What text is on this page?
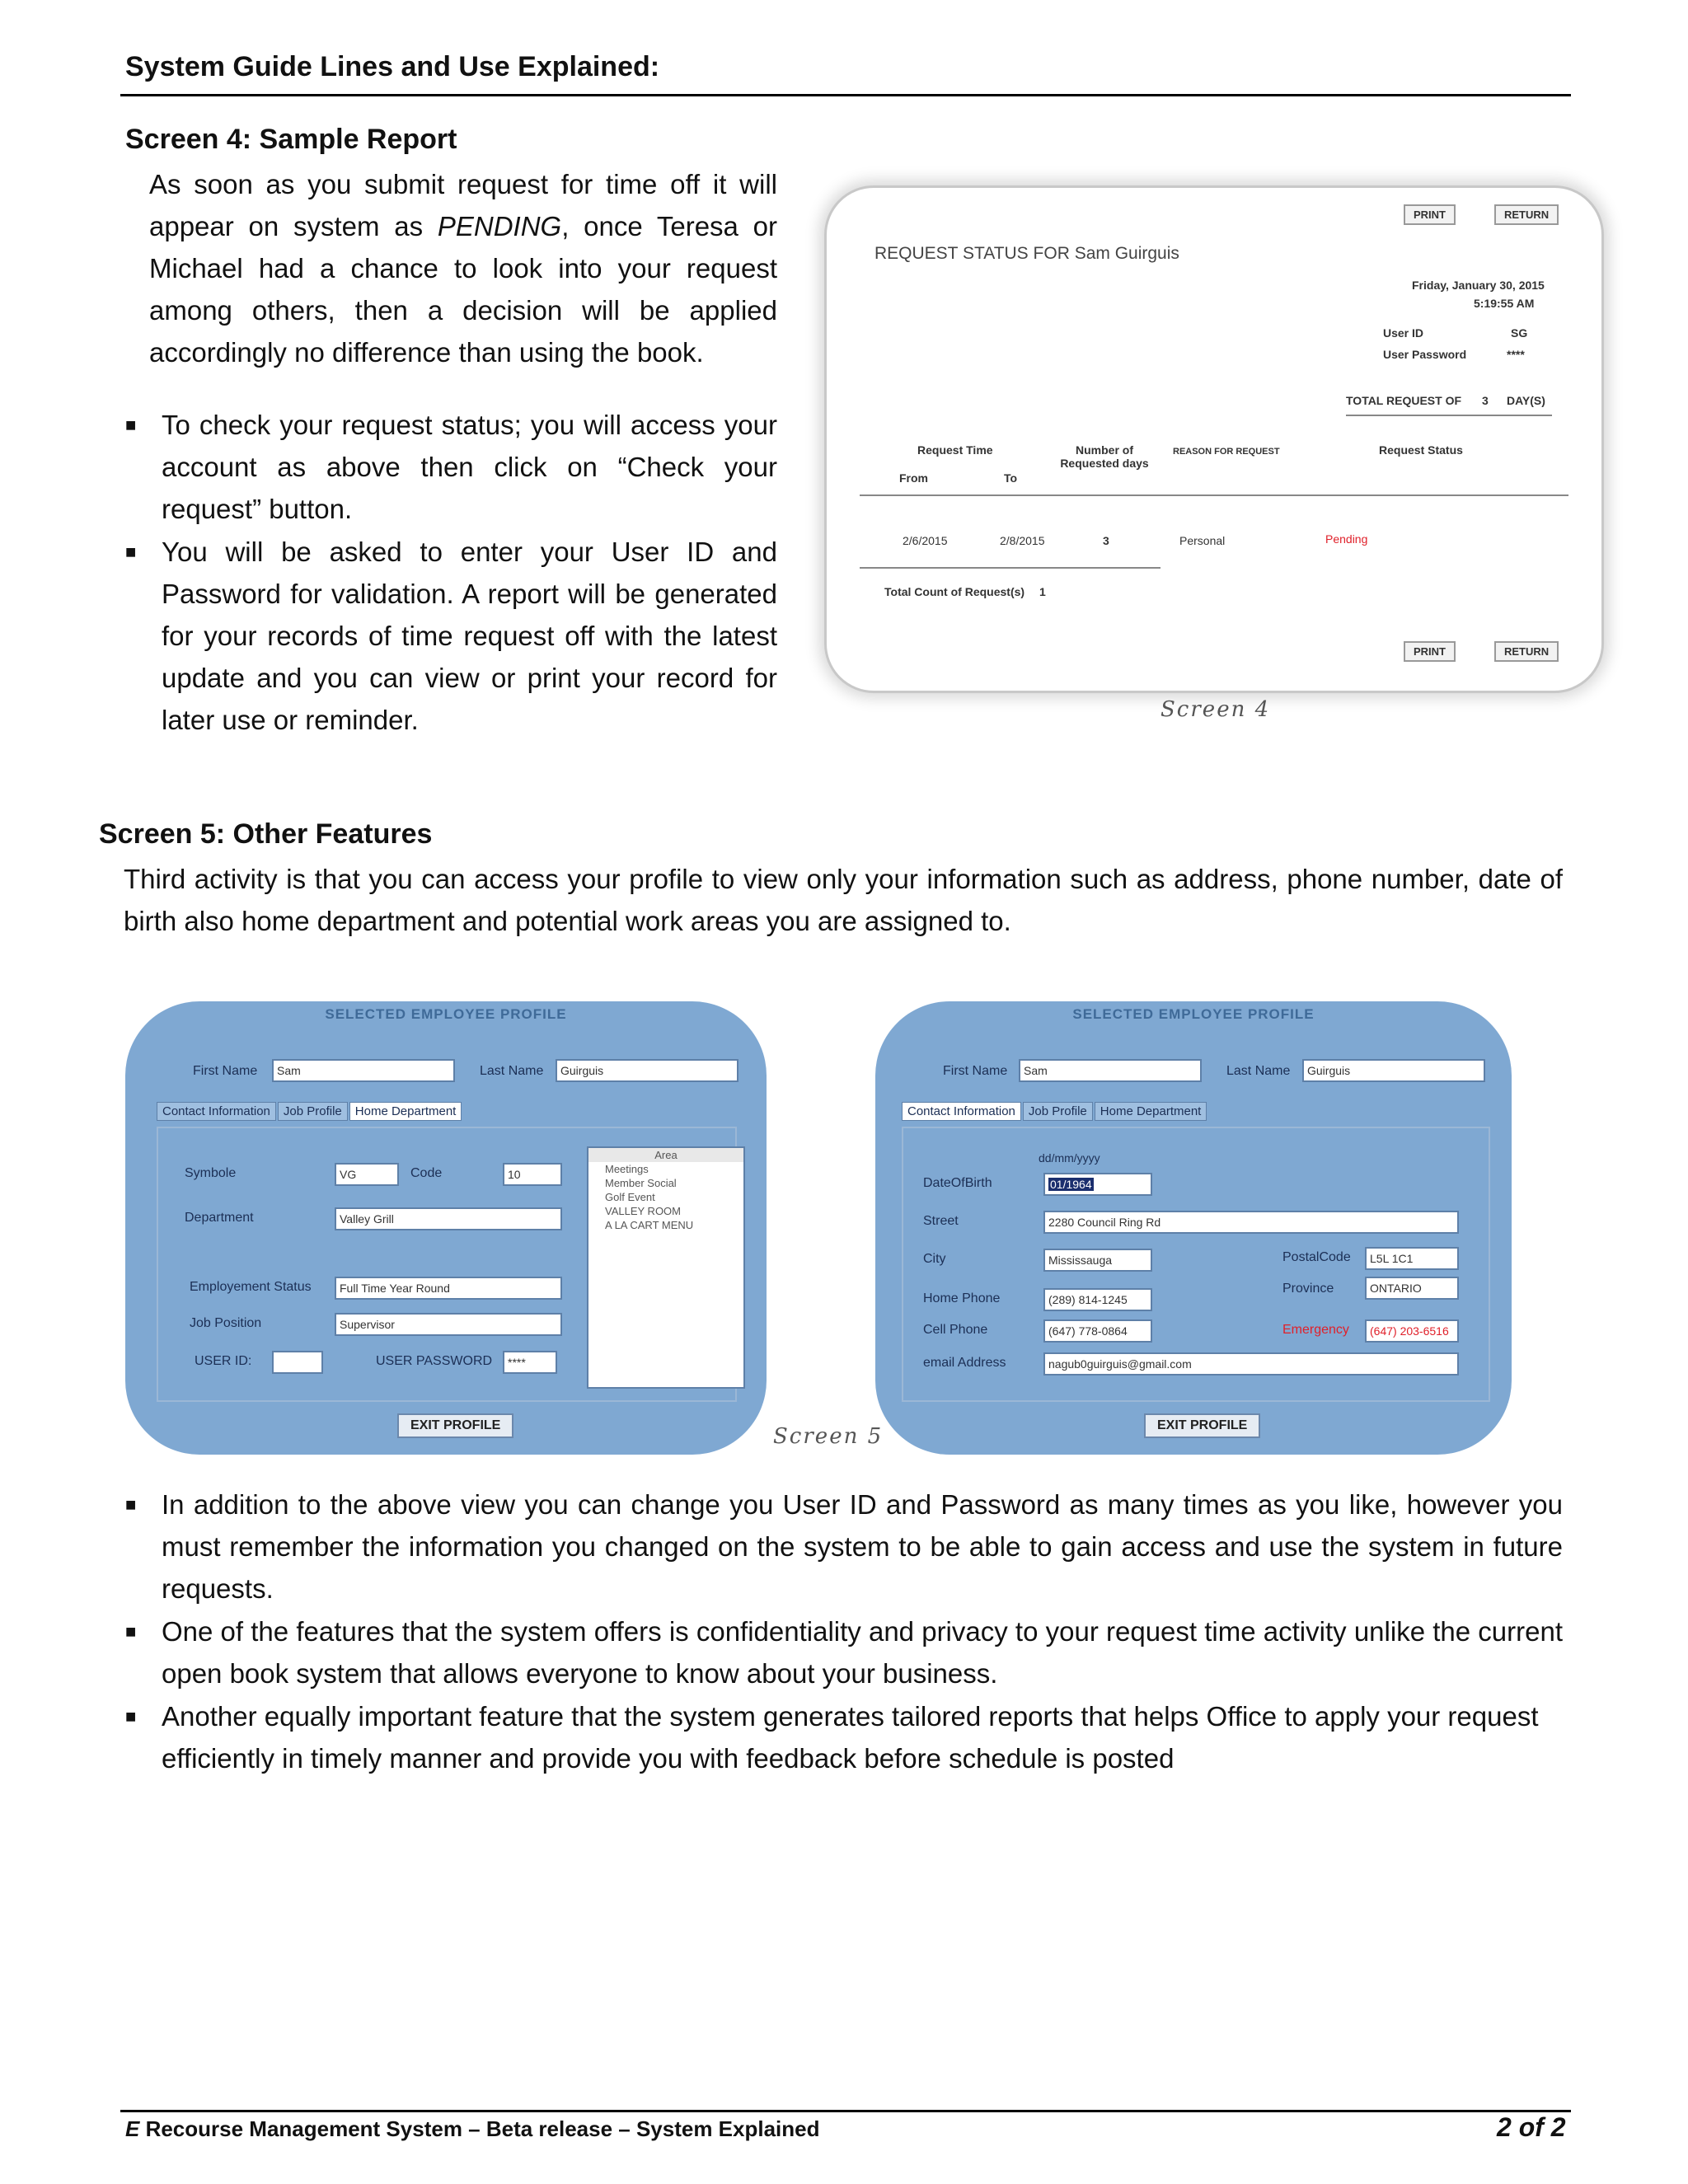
System Guide Lines and Use Explained:
Screen 4: Sample Report
As soon as you submit request for time off it will appear on system as PENDING, once Teresa or Michael had a chance to look into your request among others, then a decision will be applied accordingly no difference than using the book.
■ To check your request status; you will access your account as above then click on “Check your request” button.
■ You will be asked to enter your User ID and Password for validation. A report will be generated for your records of time request off with the latest update and you can view or print your record for later use or reminder.
PRINT	RETURN
REQUEST STATUS FOR Sam Guirguis
Friday, January 30, 2015
5:19:55 AM
User ID	SG
User Password	****
TOTAL REQUEST OF 3 DAY(S)
Request Time
From	To
Number of Requested days
REASON FOR REQUEST	Request Status
2/6/2015	2/8/2015	3	Personal	Pending
Total Count of Request(s) 1
PRINT	RETURN
Screen 4
Screen 5: Other Features
Third activity is that you can access your profile to view only your information such as address, phone number, date of birth also home department and potential work areas you are assigned to.
SELECTED EMPLOYEE PROFILE
First Name	Sam	Last Name	Guirguis
Contact Information Job Profile Home Department
Symbole	VG	Code	10
Department	Valley Grill
Employement Status	Full Time Year Round
Job Position	Supervisor
USER ID:	USER PASSWORD	****
Area
Meetings
Member Social
Golf Event
VALLEY ROOM
A LA CART MENU
EXIT PROFILE
SELECTED EMPLOYEE PROFILE
First Name	Sam	Last Name	Guirguis
Contact Information Job Profile Home Department
dd/mm/yyyy
DateOfBirth	01/1964
Street	2280 Council Ring Rd
City	Mississauga	PostalCode	L5L 1C1
Province	ONTARIO
Home Phone	(289) 814-1245
Cell Phone	(647) 778-0864	Emergency	(647) 203-6516
email Address	nagub0guirguis@gmail.com
EXIT PROFILE
Screen 5
■ In addition to the above view you can change you User ID and Password as many times as you like, however you must remember the information you changed on the system to be able to gain access and use the system in future requests.
■ One of the features that the system offers is confidentiality and privacy to your request time activity unlike the current open book system that allows everyone to know about your business.
■ Another equally important feature that the system generates tailored reports that helps Office to apply your request efficiently in timely manner and provide you with feedback before schedule is posted
E Recourse Management System – Beta release – System Explained	2 of 2
